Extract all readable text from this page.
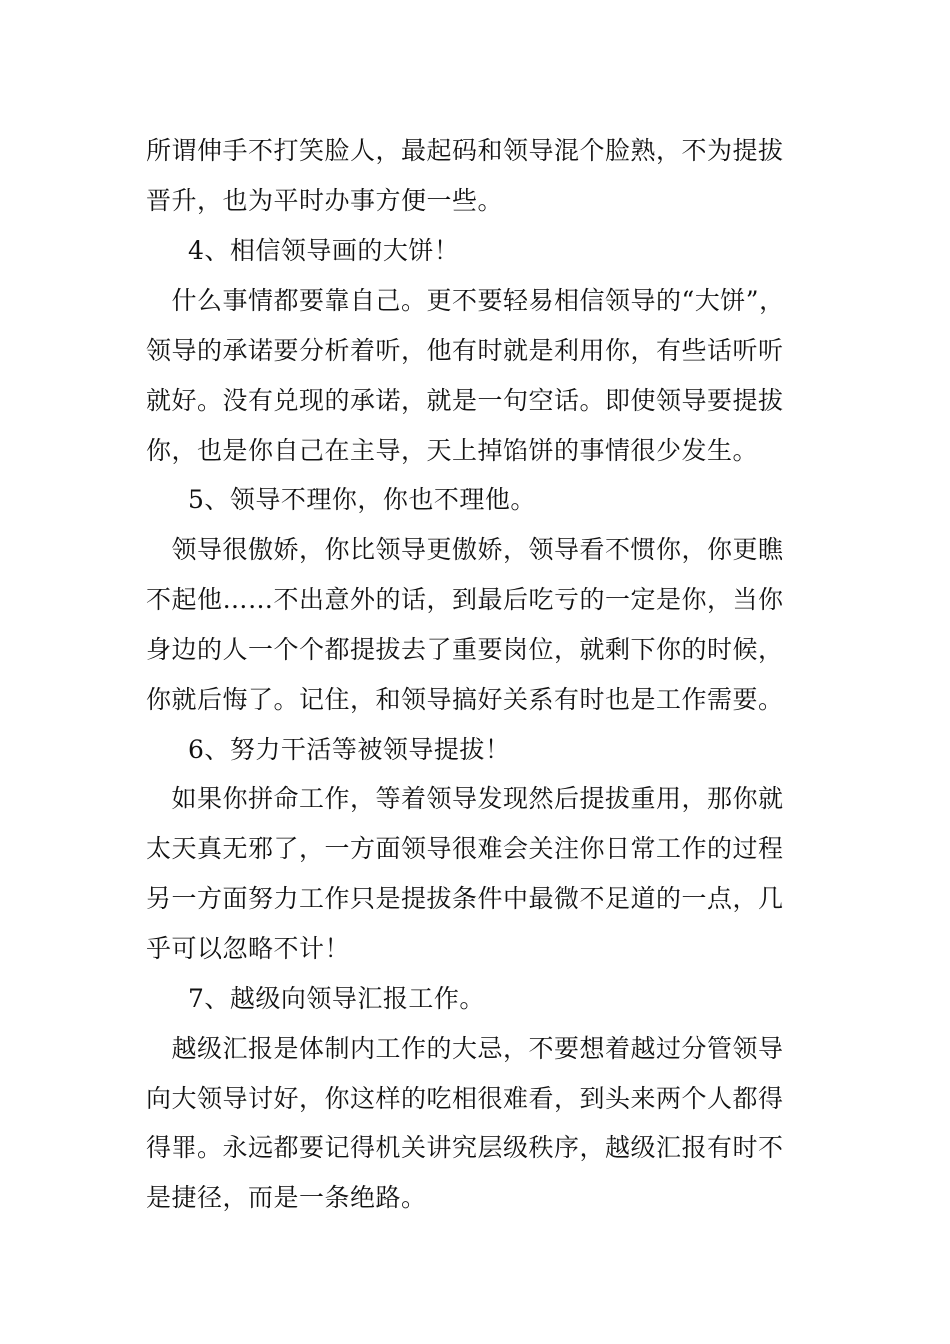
所谓伸手不打笑脸人，最起码和领导混个脸熟，不为提拔
晋升，也为平时办事方便一些。
4、相信领导画的大饼！
　什么事情都要靠自己。更不要轻易相信领导的“大饼”，
领导的承诺要分析着听，他有时就是利用你，有些话听听
就好。没有兑现的承诺，就是一句空话。即使领导要提拔
你，也是你自己在主导，天上掉馅饼的事情很少发生。
5、领导不理你，你也不理他。
　领导很傲娇，你比领导更傲娇，领导看不惯你，你更瞧
不起他……不出意外的话，到最后吃亏的一定是你，当你
身边的人一个个都提拔去了重要岗位，就剩下你的时候，
你就后悔了。记住，和领导搞好关系有时也是工作需要。
6、努力干活等被领导提拔！
　如果你拼命工作，等着领导发现然后提拔重用，那你就
太天真无邪了，一方面领导很难会关注你日常工作的过程
另一方面努力工作只是提拔条件中最微不足道的一点，几
乎可以忽略不计！
7、越级向领导汇报工作。
　越级汇报是体制内工作的大忌，不要想着越过分管领导
向大领导讨好，你这样的吃相很难看，到头来两个人都得
得罪。永远都要记得机关讲究层级秩序，越级汇报有时不
是捷径，而是一条绝路。
